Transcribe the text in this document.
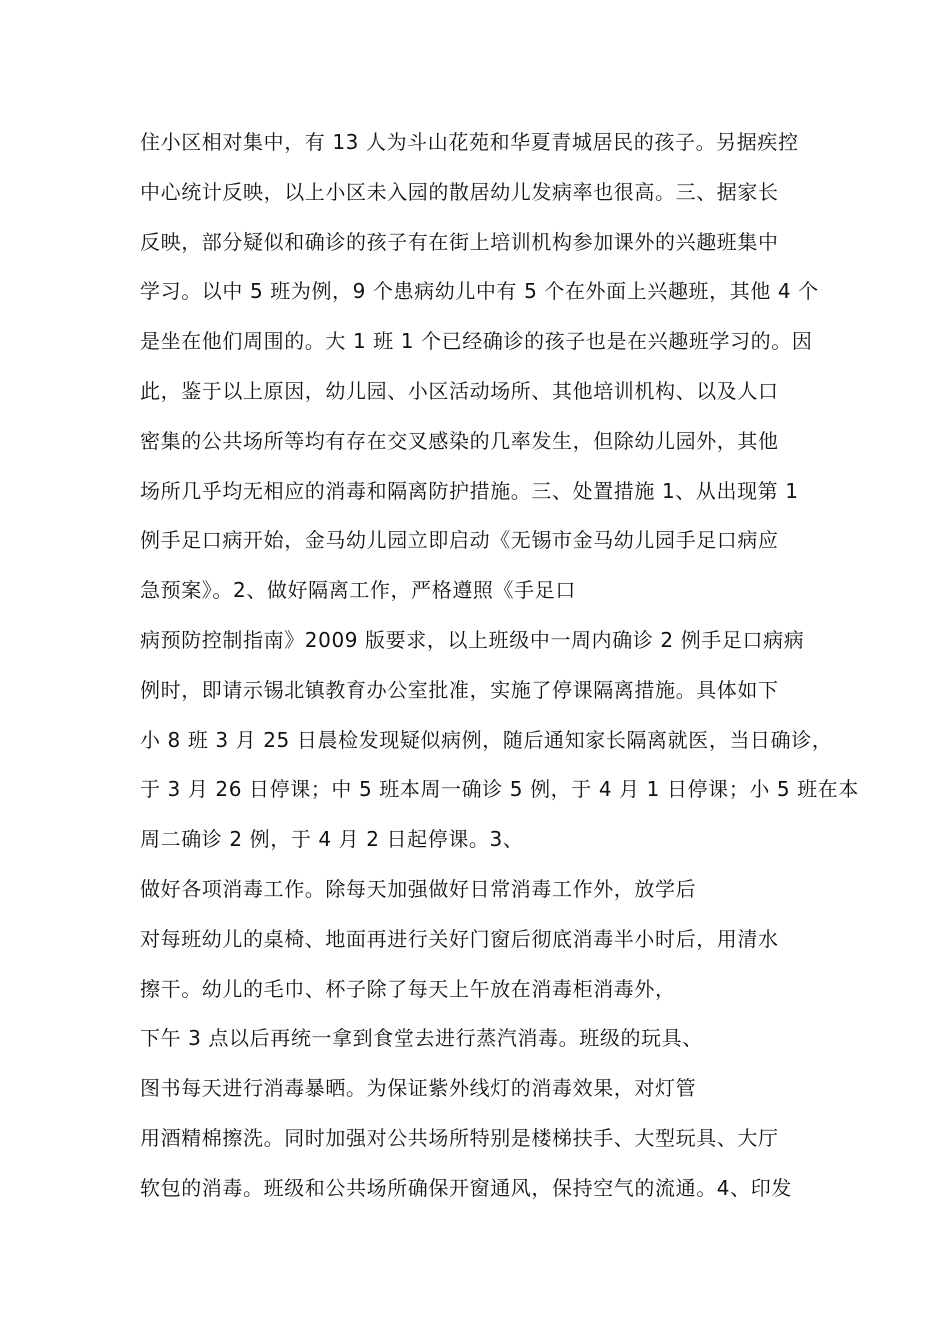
住小区相对集中，有 13 人为斗山花苑和华夏青城居民的孩子。另据疾控
中心统计反映，以上小区未入园的散居幼儿发病率也很高。三、据家长
反映，部分疑似和确诊的孩子有在街上培训机构参加课外的兴趣班集中
学习。以中 5 班为例，9 个患病幼儿中有 5 个在外面上兴趣班，其他 4 个
是坐在他们周围的。大 1 班 1 个已经确诊的孩子也是在兴趣班学习的。因
此，鉴于以上原因，幼儿园、小区活动场所、其他培训机构、以及人口
密集的公共场所等均有存在交叉感染的几率发生，但除幼儿园外，其他
场所几乎均无相应的消毒和隔离防护措施。三、处置措施 1、从出现第 1
例手足口病开始，金马幼儿园立即启动《无锡市金马幼儿园手足口病应
急预案》。2、做好隔离工作，严格遵照《手足口
病预防控制指南》2009 版要求，以上班级中一周内确诊 2 例手足口病病
例时，即请示锡北镇教育办公室批准，实施了停课隔离措施。具体如下
小 8 班 3 月 25 日晨检发现疑似病例，随后通知家长隔离就医，当日确诊，
于 3 月 26 日停课；中 5 班本周一确诊 5 例，于 4 月 1 日停课；小 5 班在本
周二确诊 2 例，于 4 月 2 日起停课。3、
做好各项消毒工作。除每天加强做好日常消毒工作外，放学后
对每班幼儿的桌椅、地面再进行关好门窗后彻底消毒半小时后，用清水
擦干。幼儿的毛巾、杯子除了每天上午放在消毒柜消毒外，
下午 3 点以后再统一拿到食堂去进行蒸汽消毒。班级的玩具、
图书每天进行消毒暴晒。为保证紫外线灯的消毒效果，对灯管
用酒精棉擦洗。同时加强对公共场所特别是楼梯扶手、大型玩具、大厅
软包的消毒。班级和公共场所确保开窗通风，保持空气的流通。4、印发
